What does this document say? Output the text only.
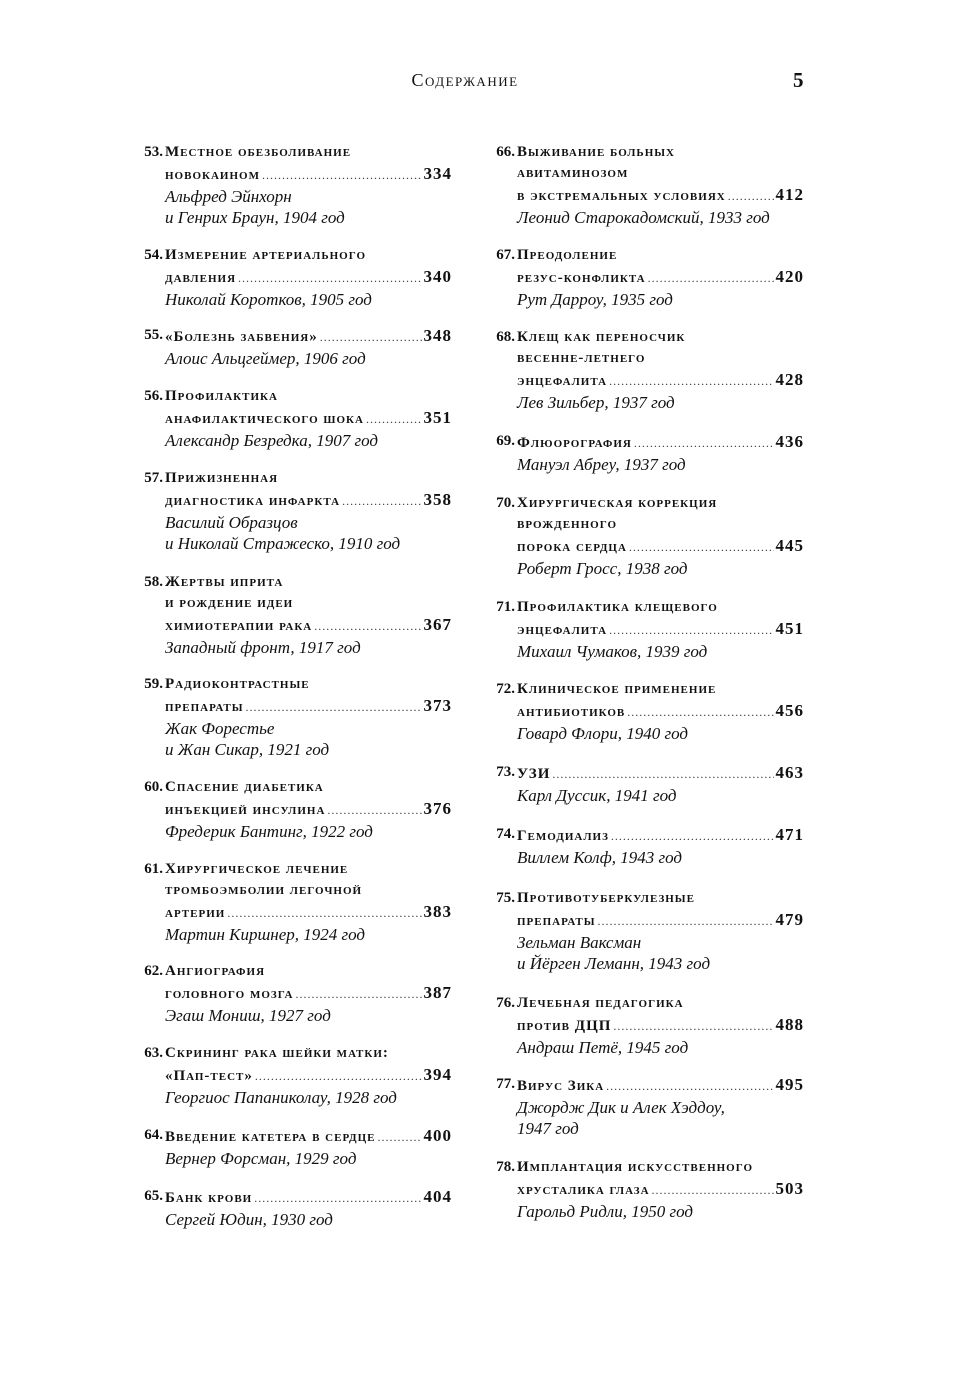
Содержание	5
53. Местное обезболивание
новокаином .....	334
Альфред Эйнхорн
и Генрих Браун, 1904 год
54. Измерение артериального
давления .....	340
Николай Коротков, 1905 год
55. «Болезнь забвения» .....	348
Алоис Альцгеймер, 1906 год
56. Профилактика
анафилактического шока .....	351
Александр Безредка, 1907 год
57. Прижизненная
диагностика инфаркта .....	358
Василий Образцов
и Николай Стражеско, 1910 год
58. Жертвы иприта
и рождение идеи
химиотерапии рака .....	367
Западный фронт, 1917 год
59. Радиоконтрастные
препараты .....	373
Жак Форестье
и Жан Сикар, 1921 год
60. Спасение диабетика
инъекцией инсулина .....	376
Фредерик Бантинг, 1922 год
61. Хирургическое лечение
тромбоэмболии легочной
артерии .....	383
Мартин Киршнер, 1924 год
62. Ангиография
головного мозга .....	387
Эгаш Мониш, 1927 год
63. Скрининг рака шейки матки:
«Пап-тест» .....	394
Георгиос Папаниколау, 1928 год
64. Введение катетера в сердце .....	400
Вернер Форсман, 1929 год
65. Банк крови .....	404
Сергей Юдин, 1930 год
66. Выживание больных
авитаминозом
в экстремальных условиях .....	412
Леонид Старокадомский, 1933 год
67. Преодоление
резус-конфликта .....	420
Рут Дарроу, 1935 год
68. Клещ как переносчик
весенне-летнего
энцефалита .....	428
Лев Зильбер, 1937 год
69. Флюорография .....	436
Мануэл Абреу, 1937 год
70. Хирургическая коррекция
врожденного
порока сердца .....	445
Роберт Гросс, 1938 год
71. Профилактика клещевого
энцефалита .....	451
Михаил Чумаков, 1939 год
72. Клиническое применение
антибиотиков .....	456
Говард Флори, 1940 год
73. УЗИ .....	463
Карл Дуссик, 1941 год
74. Гемодиализ .....	471
Виллем Колф, 1943 год
75. Противотуберкулезные
препараты .....	479
Зельман Ваксман
и Йёрген Леманн, 1943 год
76. Лечебная педагогика
против ДЦП .....	488
Андраш Петё, 1945 год
77. Вирус Зика .....	495
Джордж Дик и Алек Хэддоу,
1947 год
78. Имплантация искусственного
хрусталика глаза .....	503
Гарольд Ридли, 1950 год
